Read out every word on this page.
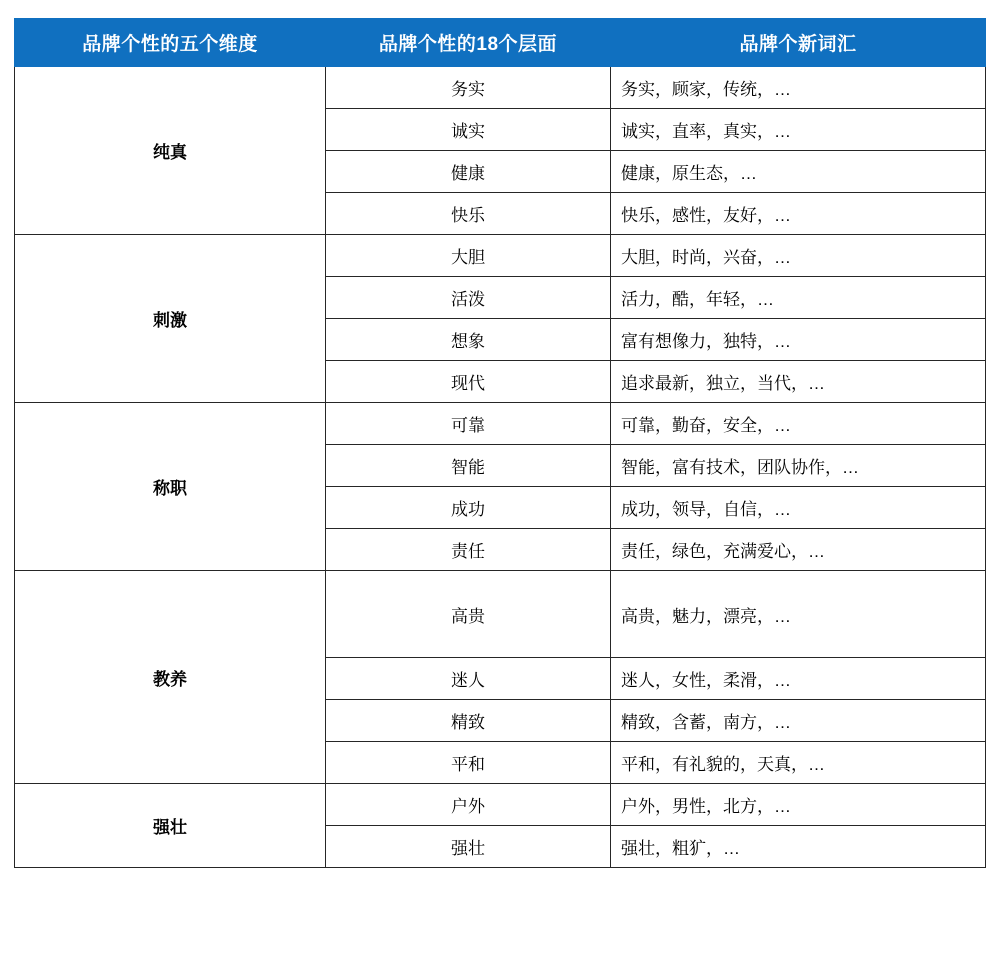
品牌个性的五个维度	品牌个性的18个层面	品牌个新词汇
纯真	务实	务实，顾家，传统，…
	诚实	诚实，直率，真实，…
	健康	健康，原生态，…
	快乐	快乐，感性，友好，…
刺激	大胆	大胆，时尚，兴奋，…
	活泼	活力，酷，年轻，…
	想象	富有想像力，独特，…
	现代	追求最新，独立，当代，…
称职	可靠	可靠，勤奋，安全，…
	智能	智能，富有技术，团队协作，…
	成功	成功，领导，自信，…
	责任	责任，绿色，充满爱心，…
教养	高贵	高贵，魅力，漂亮，…
	迷人	迷人，女性，柔滑，…
	精致	精致，含蓄，南方，…
	平和	平和，有礼貌的，天真，…
强壮	户外	户外，男性，北方，…
	强壮	强壮，粗犷，…
